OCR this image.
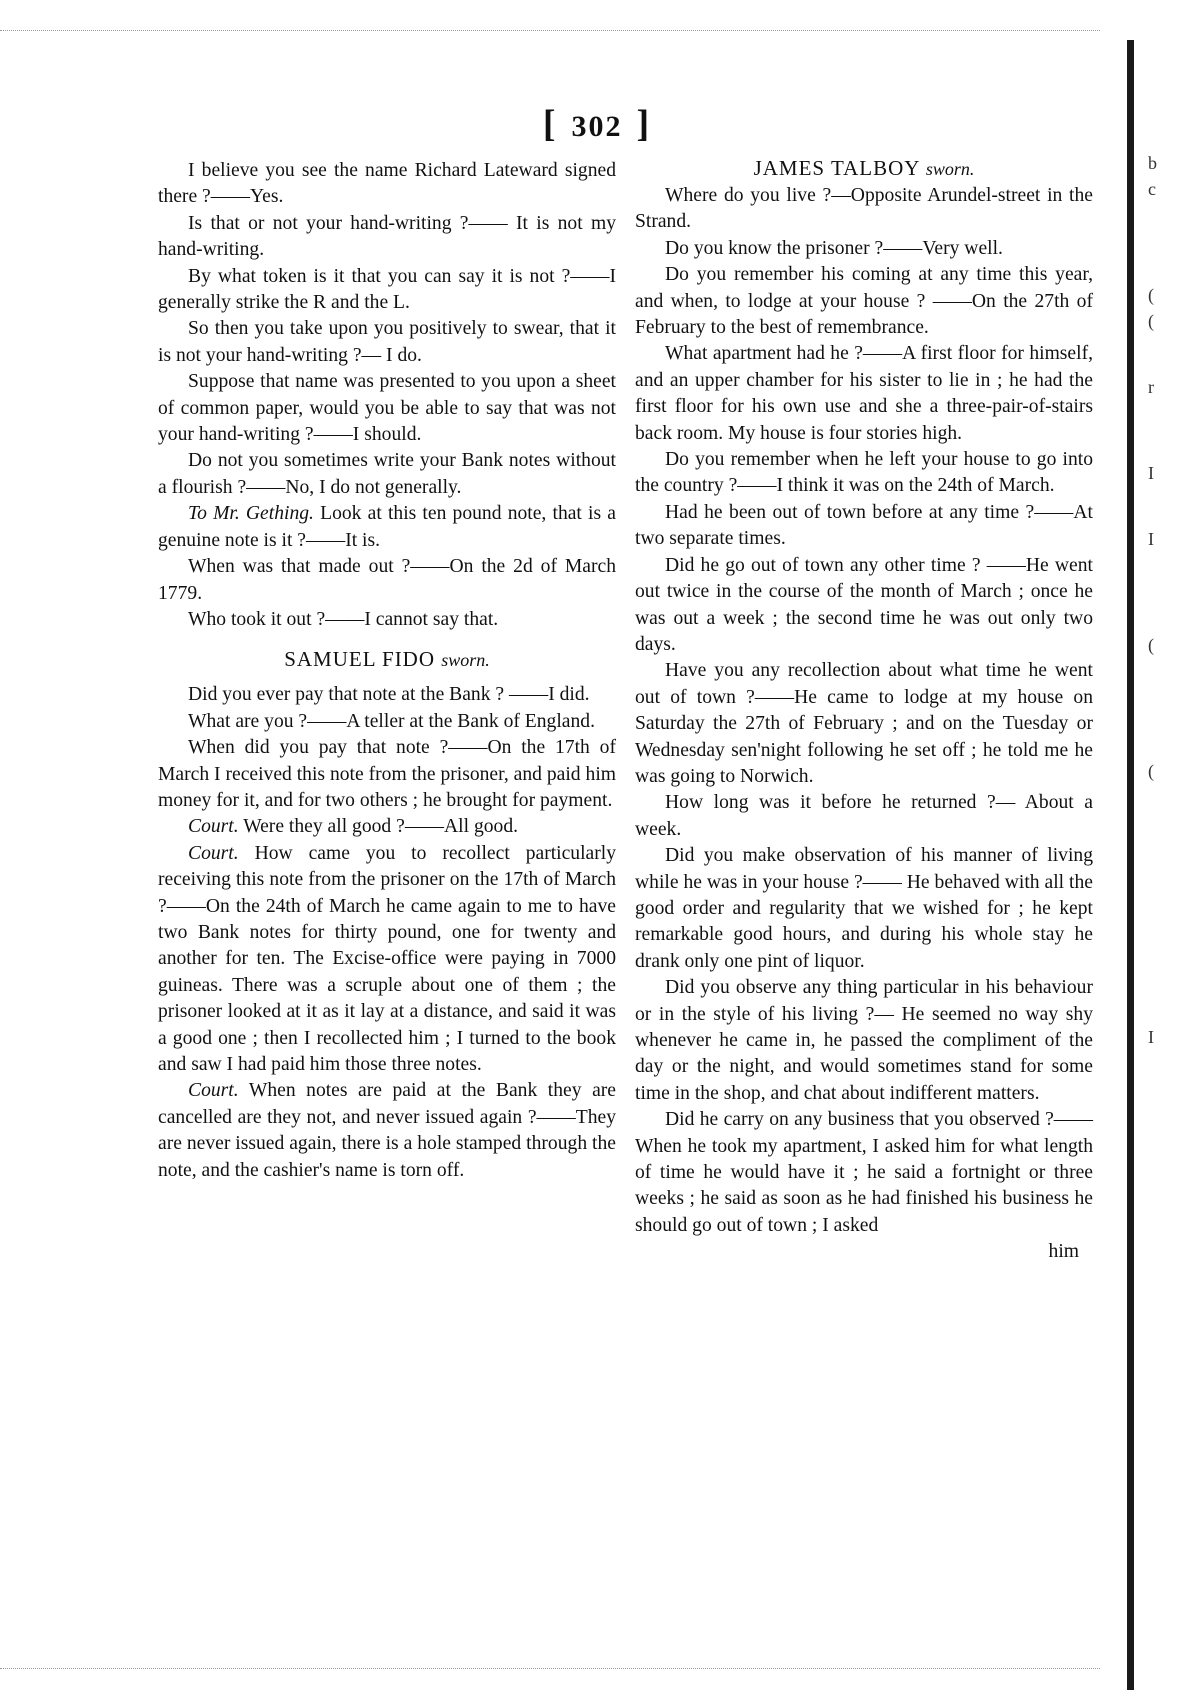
b
c
(
(
r
I
I
(
(
I
[ 302 ]

I believe you see the name Richard Lateward signed there ?——Yes.

Is that or not your hand-writing ?—— It is not my hand-writing.

By what token is it that you can say it is not ?——I generally strike the R and the L.

So then you take upon you positively to swear, that it is not your hand-writing ?— I do.

Suppose that name was presented to you upon a sheet of common paper, would you be able to say that was not your hand-writing ?——I should.

Do not you sometimes write your Bank notes without a flourish ?——No, I do not generally.

To Mr. Gething. Look at this ten pound note, that is a genuine note is it ?——It is.

When was that made out ?——On the 2d of March 1779.

Who took it out ?——I cannot say that.

SAMUEL FIDO sworn.

Did you ever pay that note at the Bank ? ——I did.

What are you ?——A teller at the Bank of England.

When did you pay that note ?——On the 17th of March I received this note from the prisoner, and paid him money for it, and for two others ; he brought for payment.

Court. Were they all good ?——All good.

Court. How came you to recollect particularly receiving this note from the prisoner on the 17th of March ?——On the 24th of March he came again to me to have two Bank notes for thirty pound, one for twenty and another for ten. The Excise-office were paying in 7000 guineas. There was a scruple about one of them ; the prisoner looked at it as it lay at a distance, and said it was a good one ; then I recollected him ; I turned to the book and saw I had paid him those three notes.

Court. When notes are paid at the Bank they are cancelled are they not, and never issued again ?——They are never issued again, there is a hole stamped through the note, and the cashier's name is torn off.

JAMES TALBOY sworn.

Where do you live ?—Opposite Arundel-street in the Strand.

Do you know the prisoner ?——Very well.

Do you remember his coming at any time this year, and when, to lodge at your house ? ——On the 27th of February to the best of remembrance.

What apartment had he ?——A first floor for himself, and an upper chamber for his sister to lie in ; he had the first floor for his own use and she a three-pair-of-stairs back room. My house is four stories high.

Do you remember when he left your house to go into the country ?——I think it was on the 24th of March.

Had he been out of town before at any time ?——At two separate times.

Did he go out of town any other time ? ——He went out twice in the course of the month of March ; once he was out a week ; the second time he was out only two days.

Have you any recollection about what time he went out of town ?——He came to lodge at my house on Saturday the 27th of February ; and on the Tuesday or Wednesday sen'night following he set off ; he told me he was going to Norwich.

How long was it before he returned ?— About a week.

Did you make observation of his manner of living while he was in your house ?—— He behaved with all the good order and regularity that we wished for ; he kept remarkable good hours, and during his whole stay he drank only one pint of liquor.

Did you observe any thing particular in his behaviour or in the style of his living ?— He seemed no way shy whenever he came in, he passed the compliment of the day or the night, and would sometimes stand for some time in the shop, and chat about indifferent matters.

Did he carry on any business that you observed ?——When he took my apartment, I asked him for what length of time he would have it ; he said a fortnight or three weeks ; he said as soon as he had finished his business he should go out of town ; I asked

him
